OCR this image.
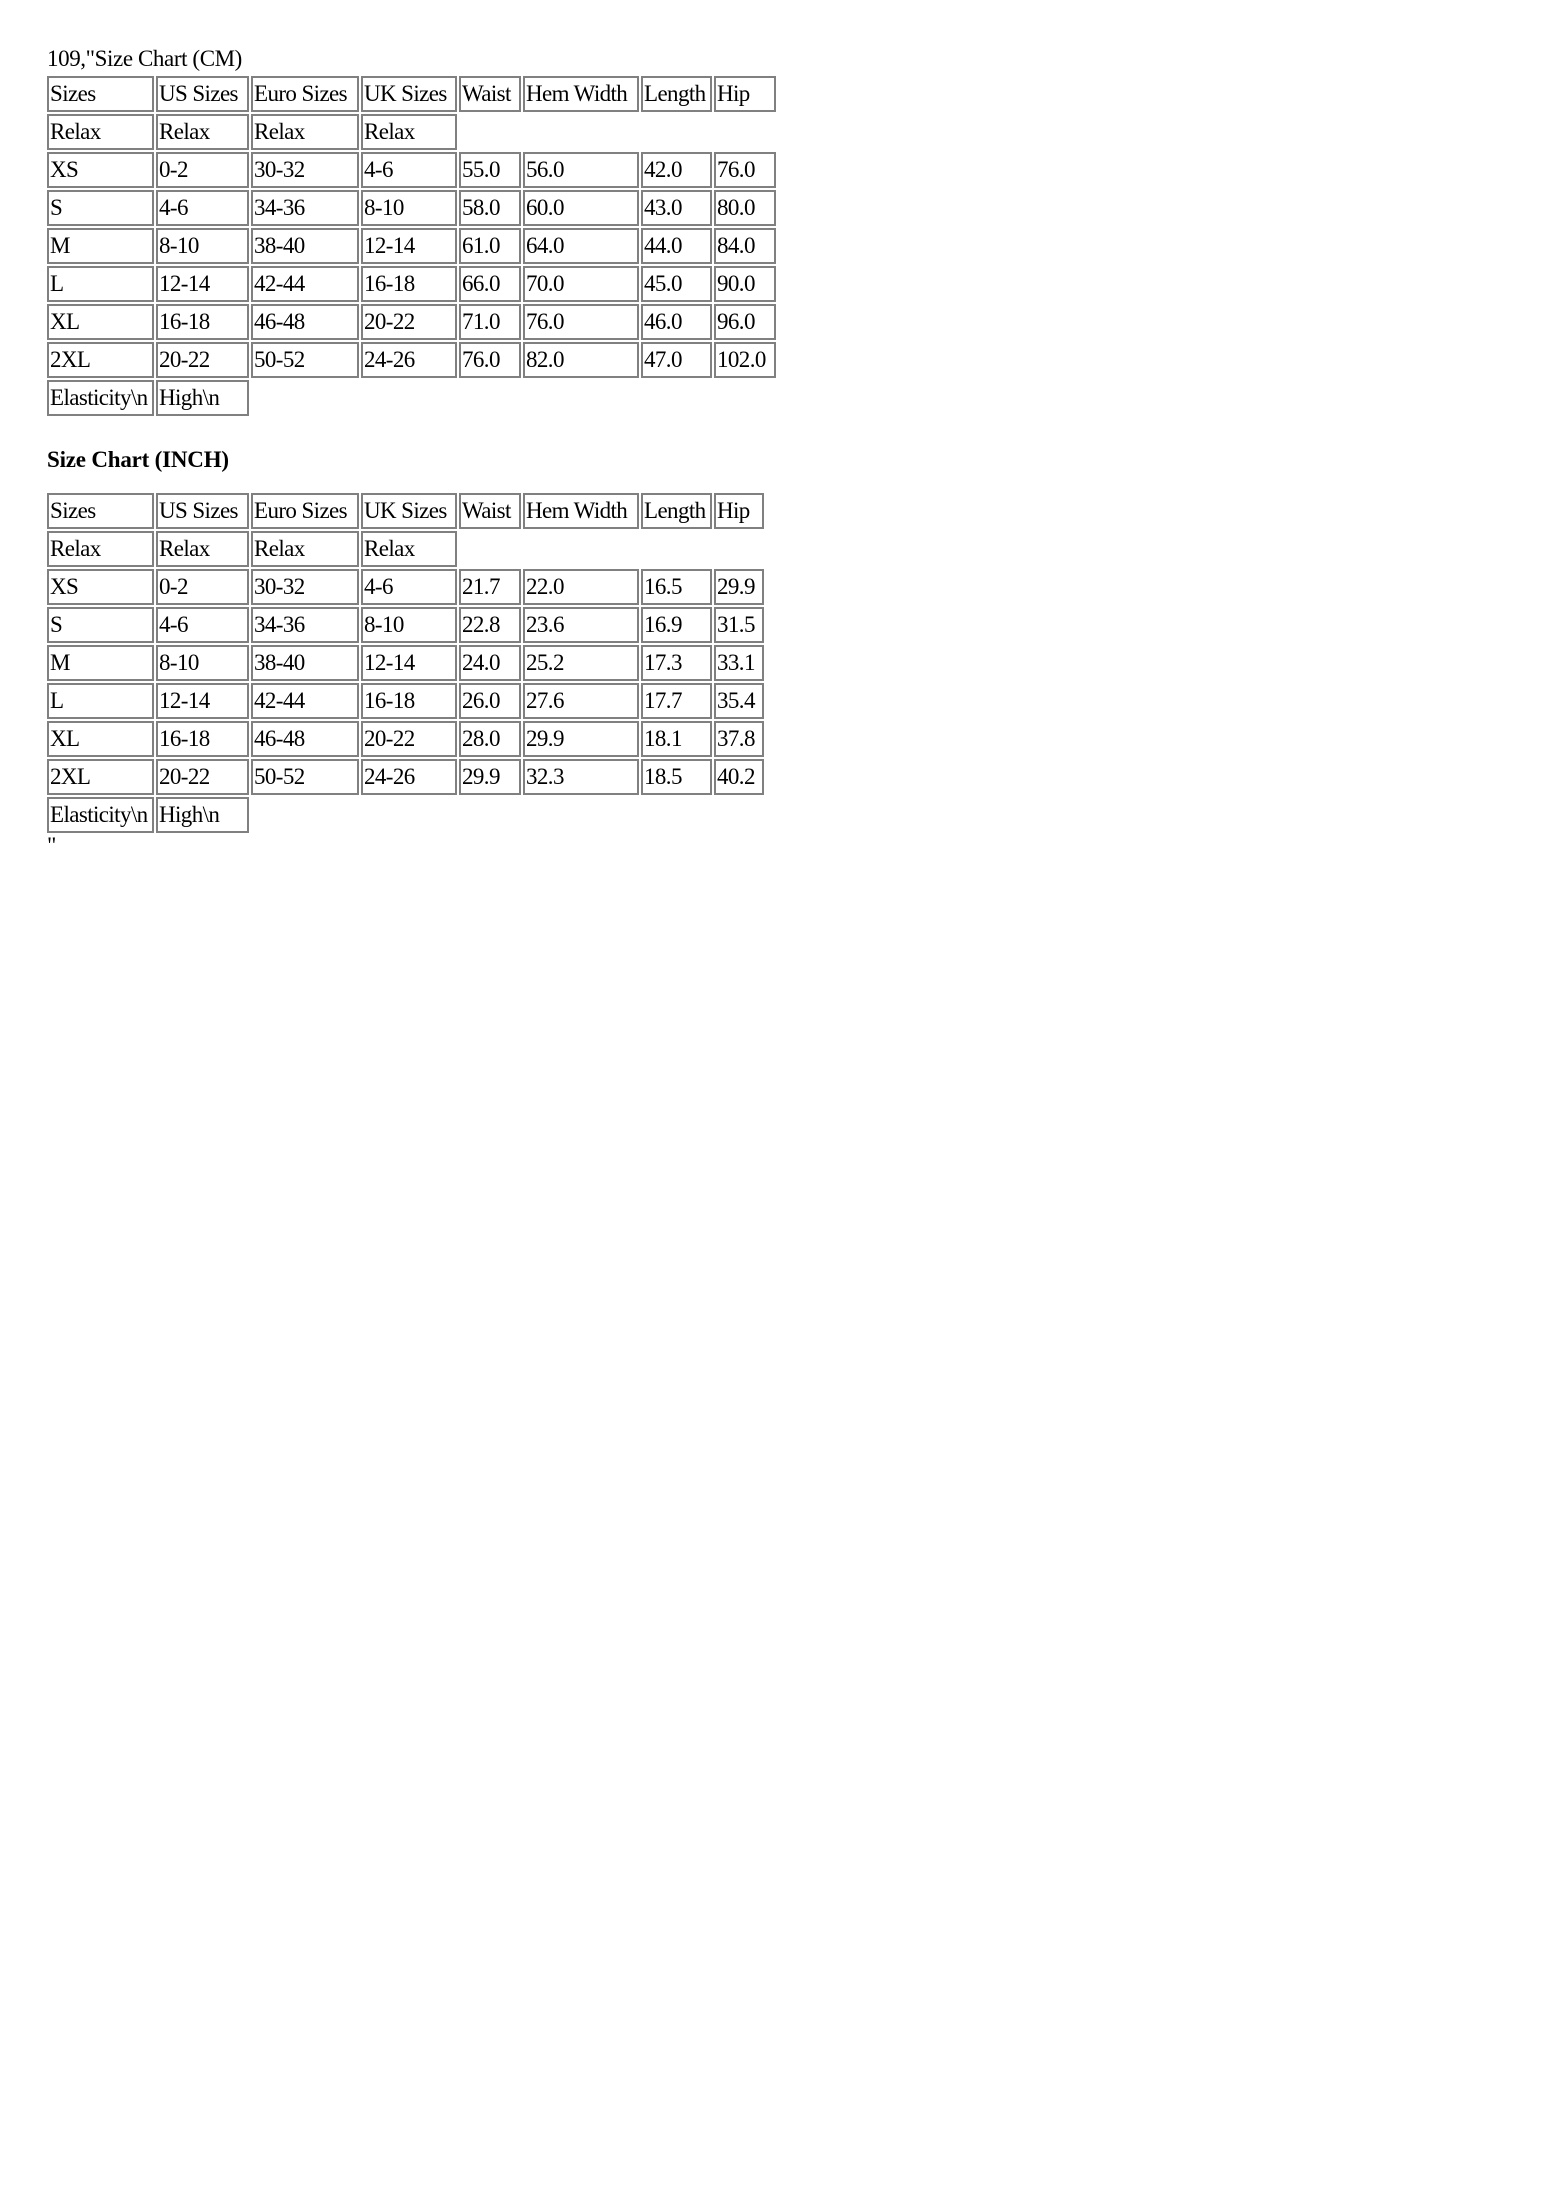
109,"Size Chart (CM)
Sizes	US Sizes	Euro Sizes	UK Sizes	Waist	Hem Width	Length	Hip
Relax	Relax	Relax	Relax				
XS	0-2	30-32	4-6	55.0	56.0	42.0	76.0
S	4-6	34-36	8-10	58.0	60.0	43.0	80.0
M	8-10	38-40	12-14	61.0	64.0	44.0	84.0
L	12-14	42-44	16-18	66.0	70.0	45.0	90.0
XL	16-18	46-48	20-22	71.0	76.0	46.0	96.0
2XL	20-22	50-52	24-26	76.0	82.0	47.0	102.0
Elasticity\n	High\n						
Size Chart (INCH)
Sizes	US Sizes	Euro Sizes	UK Sizes	Waist	Hem Width	Length	Hip
Relax	Relax	Relax	Relax				
XS	0-2	30-32	4-6	21.7	22.0	16.5	29.9
S	4-6	34-36	8-10	22.8	23.6	16.9	31.5
M	8-10	38-40	12-14	24.0	25.2	17.3	33.1
L	12-14	42-44	16-18	26.0	27.6	17.7	35.4
XL	16-18	46-48	20-22	28.0	29.9	18.1	37.8
2XL	20-22	50-52	24-26	29.9	32.3	18.5	40.2
Elasticity\n	High\n						
"
